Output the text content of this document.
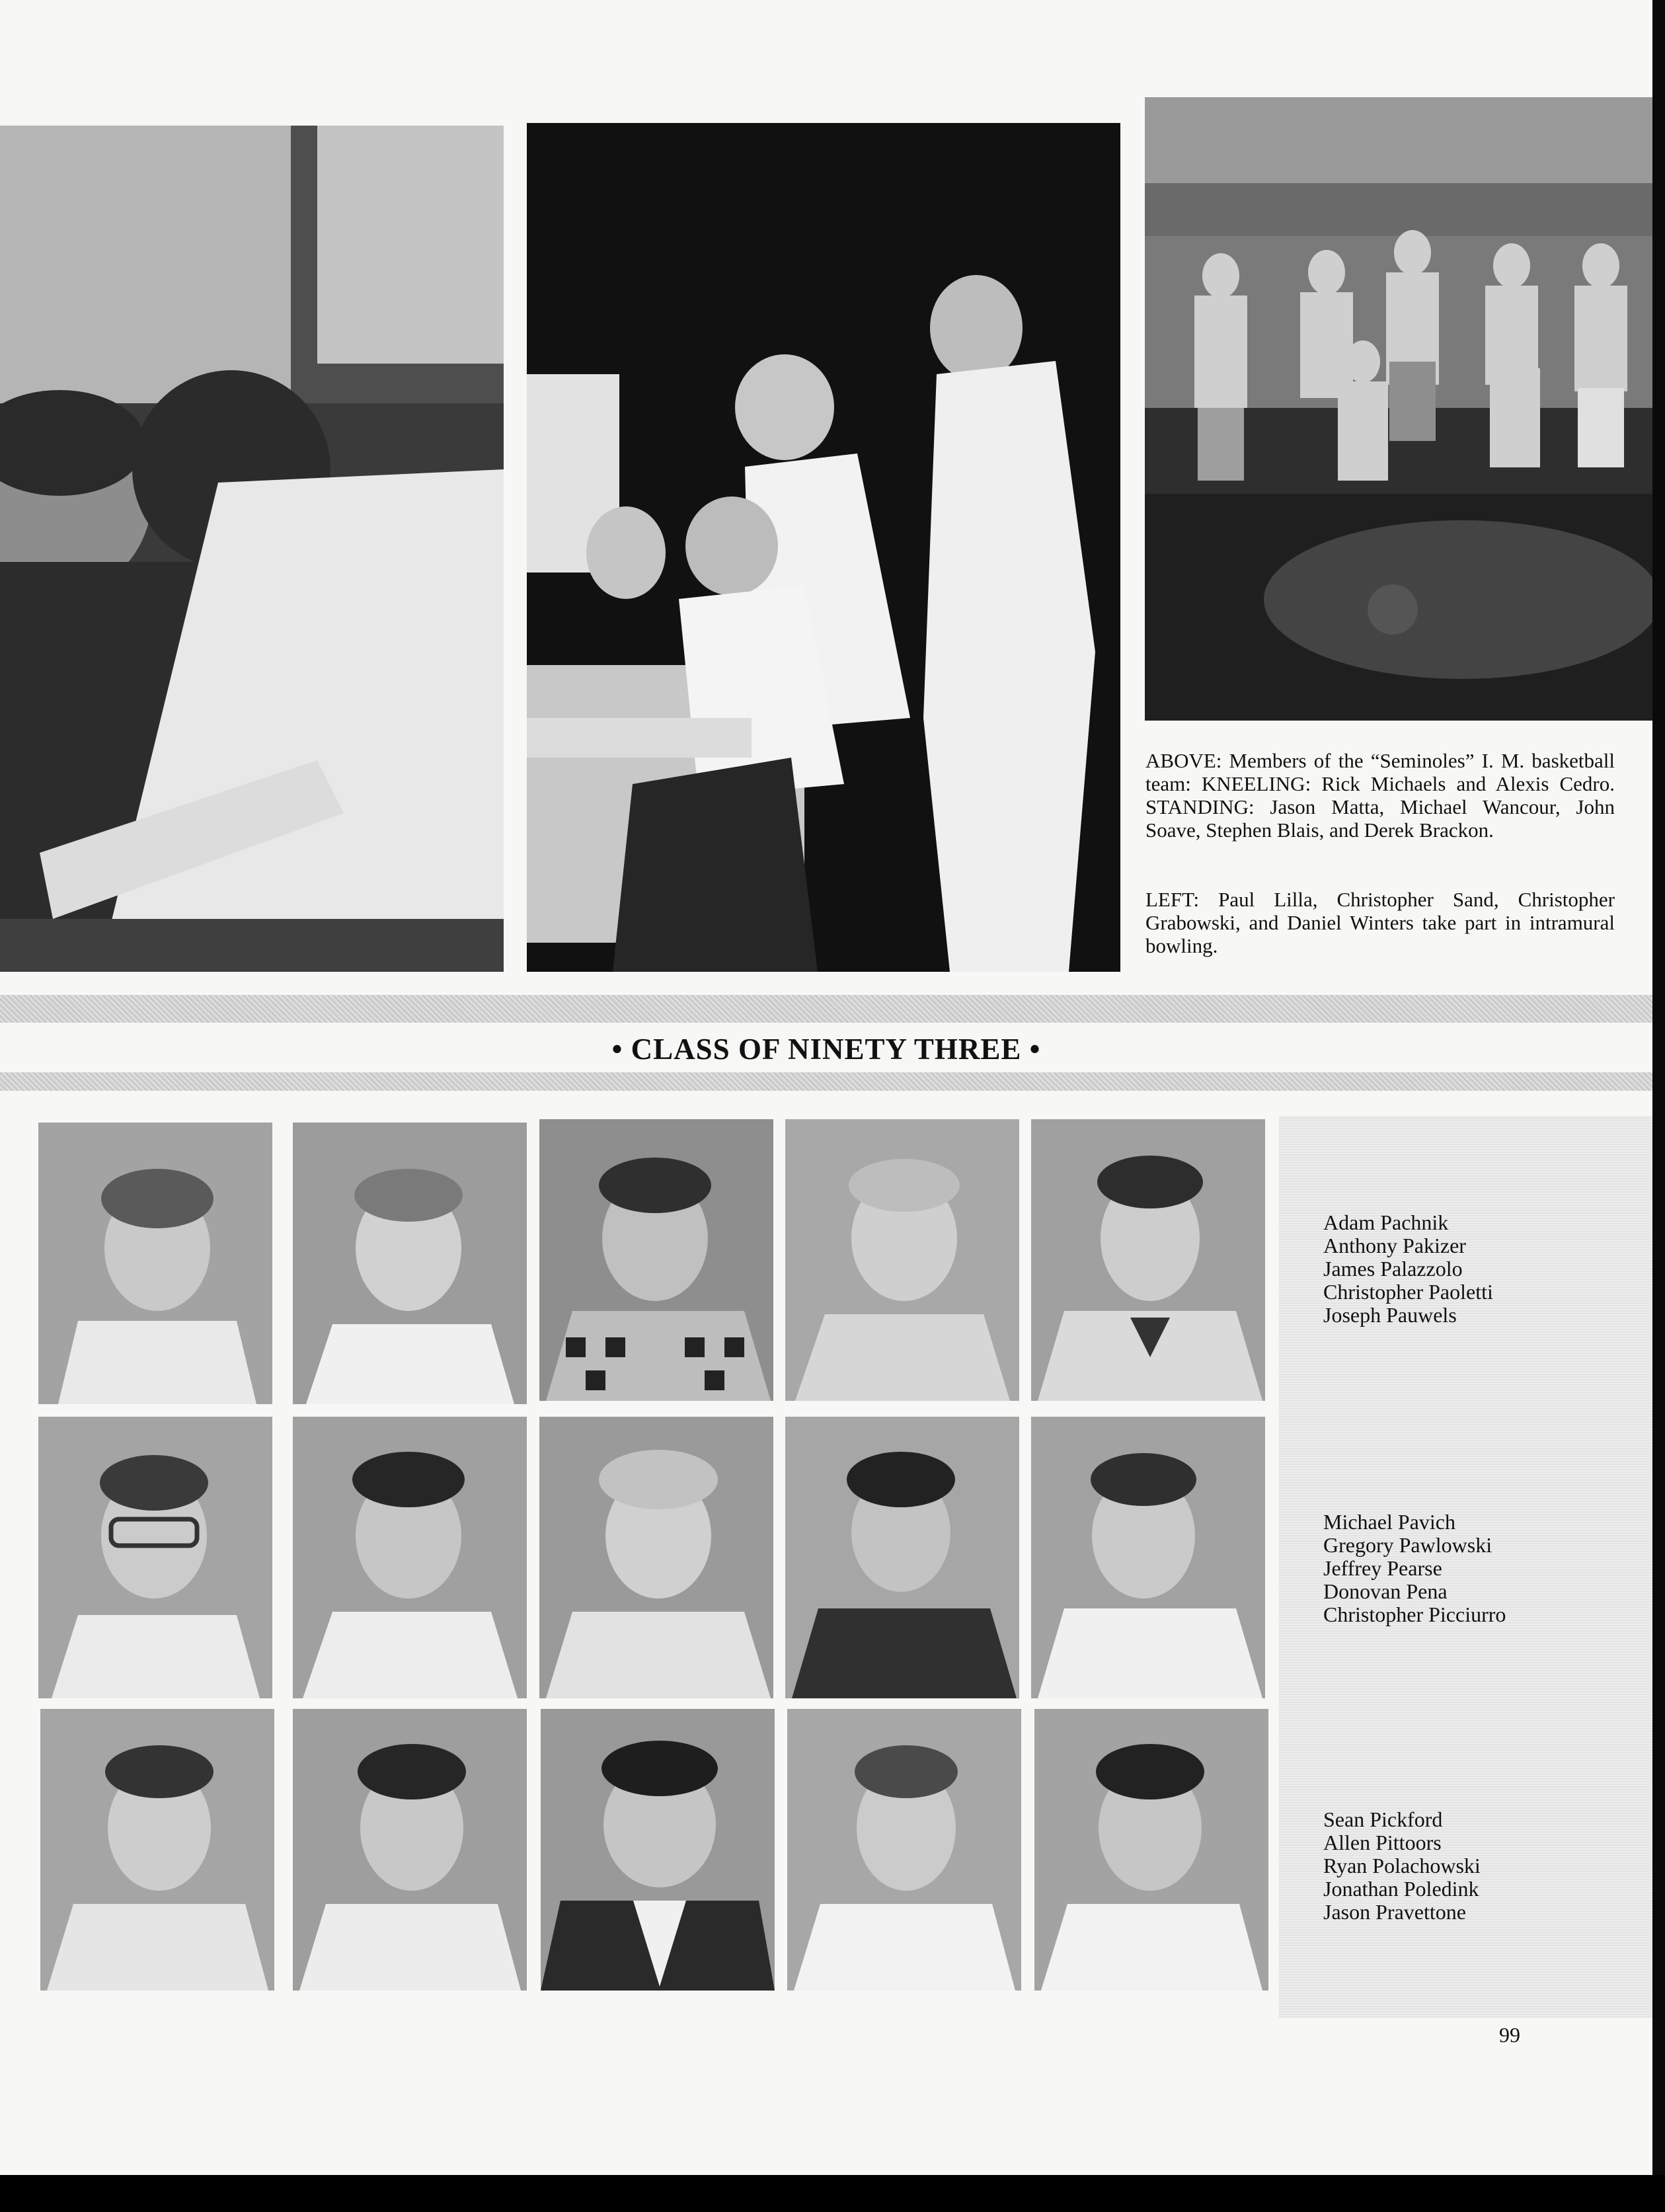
ABOVE: Members of the “Seminoles” I. M. basketball team: KNEELING: Rick Michaels and Alexis Cedro. STANDING: Jason Matta, Michael Wancour, John Soave, Stephen Blais, and Derek Brackon.

LEFT: Paul Lilla, Christopher Sand, Christopher Grabowski, and Daniel Winters take part in intramural bowling.

• CLASS OF NINETY THREE •
Adam Pachnik
Anthony Pakizer
James Palazzolo
Christopher Paoletti
Joseph Pauwels
Michael Pavich
Gregory Pawlowski
Jeffrey Pearse
Donovan Pena
Christopher Picciurro
Sean Pickford
Allen Pittoors
Ryan Polachowski
Jonathan Poledink
Jason Pravettone

99
